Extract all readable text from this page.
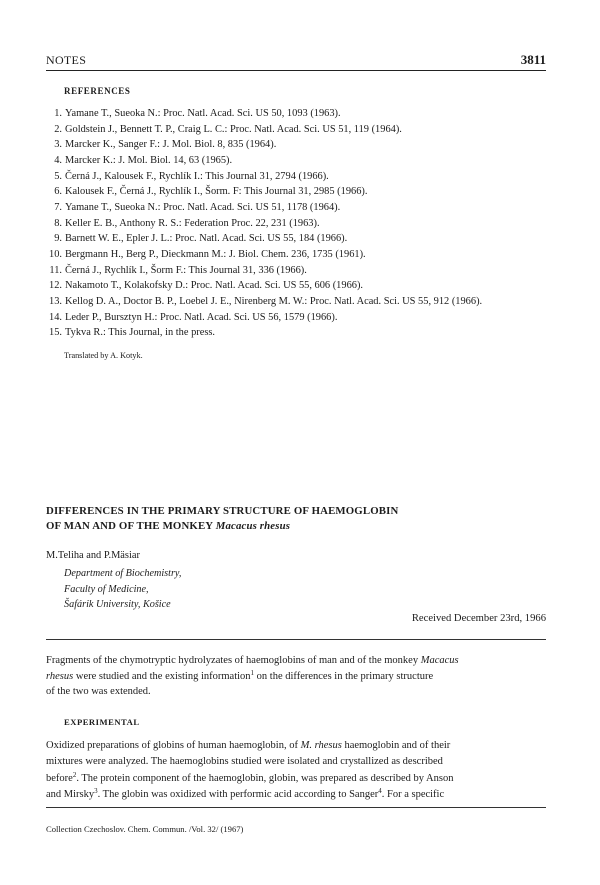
NOTES	3811
REFERENCES
1. Yamane T., Sueoka N.: Proc. Natl. Acad. Sci. US 50, 1093 (1963).
2. Goldstein J., Bennett T. P., Craig L. C.: Proc. Natl. Acad. Sci. US 51, 119 (1964).
3. Marcker K., Sanger F.: J. Mol. Biol. 8, 835 (1964).
4. Marcker K.: J. Mol. Biol. 14, 63 (1965).
5. Černá J., Kalousek F., Rychlík I.: This Journal 31, 2794 (1966).
6. Kalousek F., Černá J., Rychlík I., Šorm. F: This Journal 31, 2985 (1966).
7. Yamane T., Sueoka N.: Proc. Natl. Acad. Sci. US 51, 1178 (1964).
8. Keller E. B., Anthony R. S.: Federation Proc. 22, 231 (1963).
9. Barnett W. E., Epler J. L.: Proc. Natl. Acad. Sci. US 55, 184 (1966).
10. Bergmann H., Berg P., Dieckmann M.: J. Biol. Chem. 236, 1735 (1961).
11. Černá J., Rychlík I., Šorm F.: This Journal 31, 336 (1966).
12. Nakamoto T., Kolakofsky D.: Proc. Natl. Acad. Sci. US 55, 606 (1966).
13. Kellog D. A., Doctor B. P., Loebel J. E., Nirenberg M. W.: Proc. Natl. Acad. Sci. US 55, 912 (1966).
14. Leder P., Bursztyn H.: Proc. Natl. Acad. Sci. US 56, 1579 (1966).
15. Tykva R.: This Journal, in the press.
Translated by A. Kotyk.
DIFFERENCES IN THE PRIMARY STRUCTURE OF HAEMOGLOBIN
OF MAN AND OF THE MONKEY Macacus rhesus
M.Teliha and P.Mäsiar
Department of Biochemistry,
Faculty of Medicine,
Šafárik University, Košice
Received December 23rd, 1966
Fragments of the chymotryptic hydrolyzates of haemoglobins of man and of the monkey Macacus
rhesus were studied and the existing information$^1$ on the differences in the primary structure
of the two was extended.
EXPERIMENTAL
Oxidized preparations of globins of human haemoglobin, of M. rhesus haemoglobin and of their
mixtures were analyzed. The haemoglobins studied were isolated and crystallized as described
before$^2$. The protein component of the haemoglobin, globin, was prepared as described by Anson
and Mirsky$^3$. The globin was oxidized with performic acid according to Sanger$^4$. For a specific
Collection Czechoslov. Chem. Commun. /Vol. 32/ (1967)
